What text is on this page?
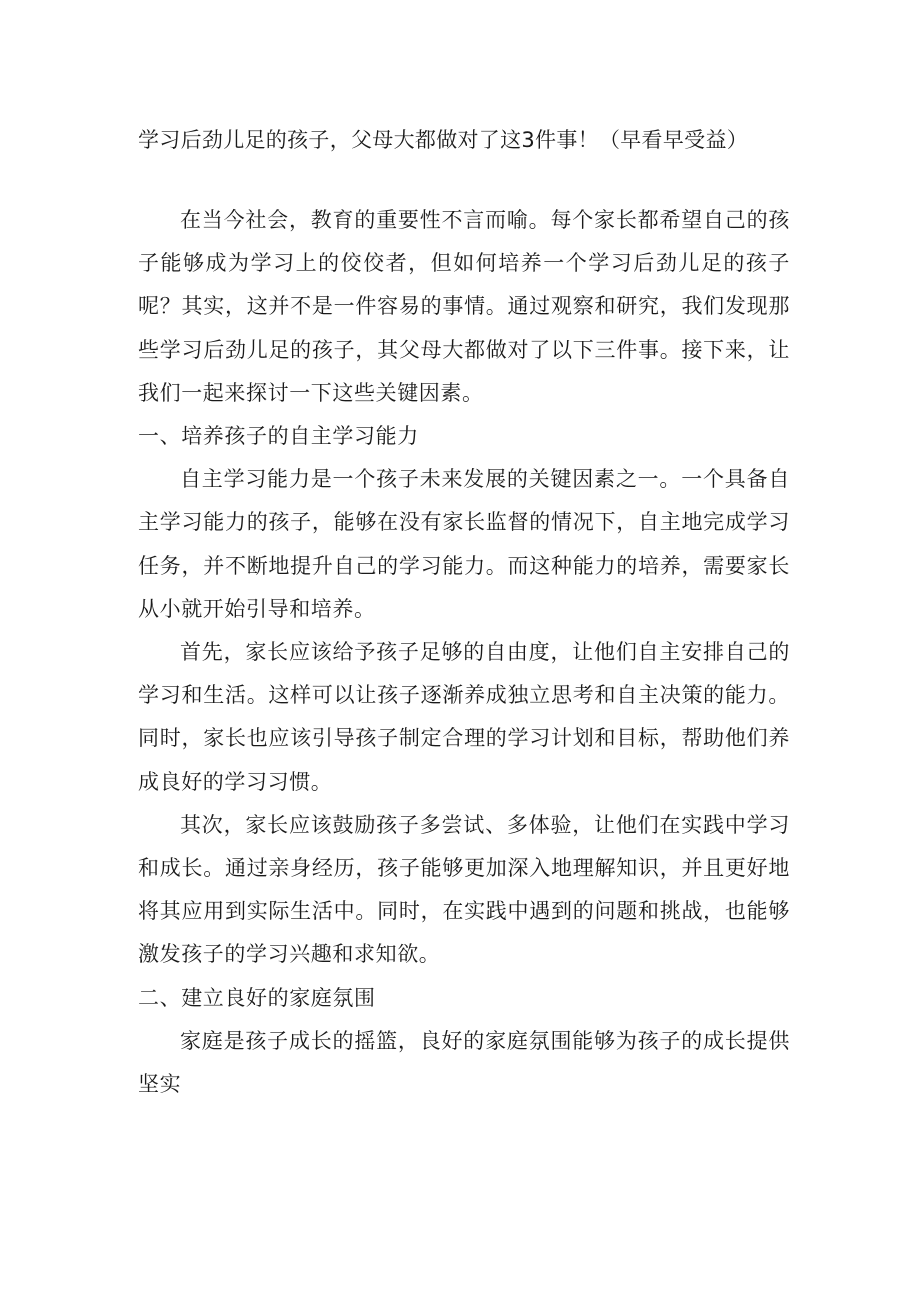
学习后劲儿足的孩子，父母大都做对了这3件事！（早看早受益）

在当今社会，教育的重要性不言而喻。每个家长都希望自己的孩子能够成为学习上的佼佼者，但如何培养一个学习后劲儿足的孩子呢？其实，这并不是一件容易的事情。通过观察和研究，我们发现那些学习后劲儿足的孩子，其父母大都做对了以下三件事。接下来，让我们一起来探讨一下这些关键因素。

一、培养孩子的自主学习能力

自主学习能力是一个孩子未来发展的关键因素之一。一个具备自主学习能力的孩子，能够在没有家长监督的情况下，自主地完成学习任务，并不断地提升自己的学习能力。而这种能力的培养，需要家长从小就开始引导和培养。

首先，家长应该给予孩子足够的自由度，让他们自主安排自己的学习和生活。这样可以让孩子逐渐养成独立思考和自主决策的能力。同时，家长也应该引导孩子制定合理的学习计划和目标，帮助他们养成良好的学习习惯。

其次，家长应该鼓励孩子多尝试、多体验，让他们在实践中学习和成长。通过亲身经历，孩子能够更加深入地理解知识，并且更好地将其应用到实际生活中。同时，在实践中遇到的问题和挑战，也能够激发孩子的学习兴趣和求知欲。

二、建立良好的家庭氛围

家庭是孩子成长的摇篮，良好的家庭氛围能够为孩子的成长提供坚实
